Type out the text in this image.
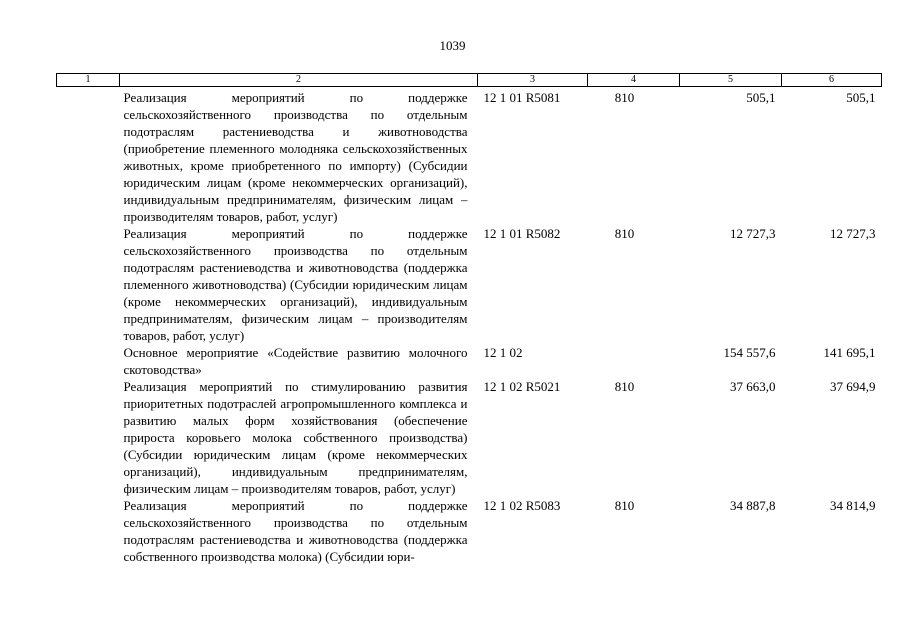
1039
1	2	3	4	5	6
	Реализация мероприятий по поддержке сельскохозяйственного производства по отдельным подотраслям растениеводства и животноводства (приобретение племенного молодняка сельскохозяйственных животных, кроме приобретенного по импорту) (Субсидии юридическим лицам (кроме некоммерческих организаций), индивидуальным предпринимателям, физическим лицам – производителям товаров, работ, услуг)	12 1 01 R5081	810	505,1	505,1
	Реализация мероприятий по поддержке сельскохозяйственного производства по отдельным подотраслям растениеводства и животноводства (поддержка племенного животноводства) (Субсидии юридическим лицам (кроме некоммерческих организаций), индивидуальным предпринимателям, физическим лицам – производителям товаров, работ, услуг)	12 1 01 R5082	810	12 727,3	12 727,3
	Основное мероприятие «Содействие развитию молочного скотоводства»	12 1 02		154 557,6	141 695,1
	Реализация мероприятий по стимулированию развития приоритетных подотраслей агропромышленного комплекса и развитию малых форм хозяйствования (обеспечение прироста коровьего молока собственного производства) (Субсидии юридическим лицам (кроме некоммерческих организаций), индивидуальным предпринимателям, физическим лицам – производителям товаров, работ, услуг)	12 1 02 R5021	810	37 663,0	37 694,9
	Реализация мероприятий по поддержке сельскохозяйственного производства по отдельным подотраслям растениеводства и животноводства (поддержка собственного производства молока) (Субсидии юри-	12 1 02 R5083	810	34 887,8	34 814,9
